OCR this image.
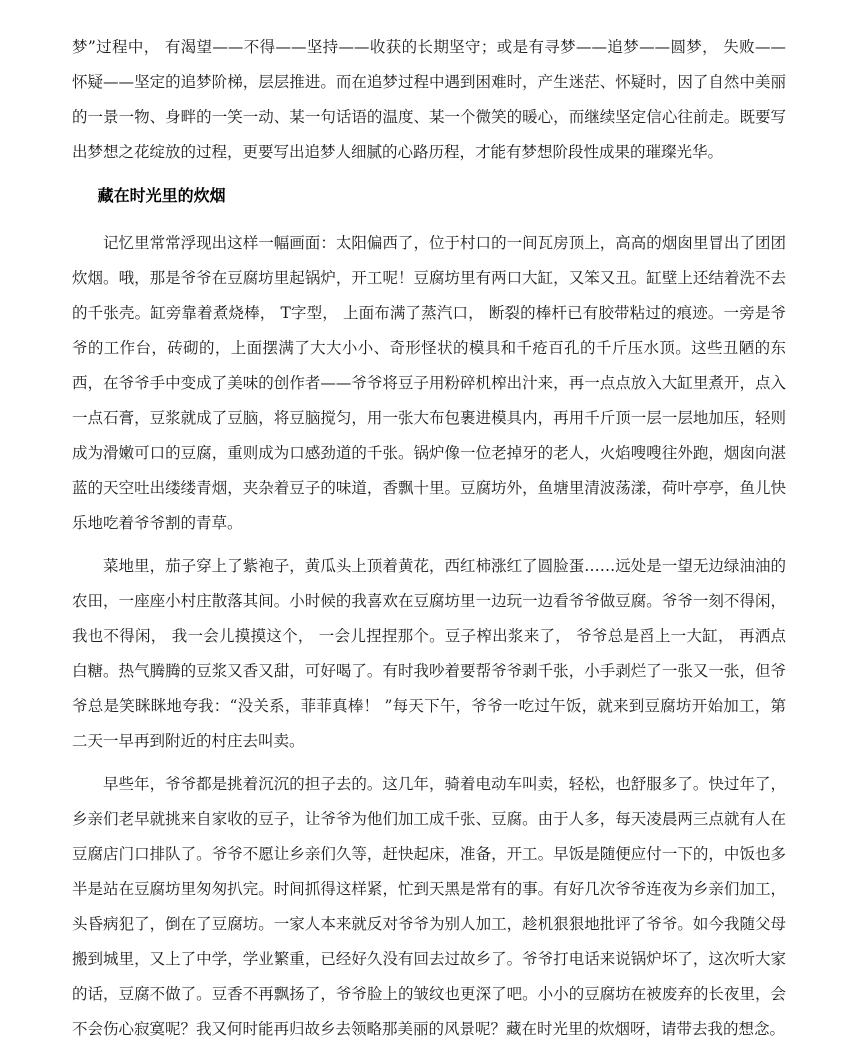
梦”过程中， 有渴望——不得——坚持——收获的长期坚守；或是有寻梦——追梦——圆梦， 失败——怀疑——坚定的追梦阶梯，层层推进。而在追梦过程中遇到困难时，产生迷茫、怀疑时，因了自然中美丽的一景一物、身畔的一笑一动、某一句话语的温度、某一个微笑的暖心，而继续坚定信心往前走。既要写出梦想之花绽放的过程，更要写出追梦人细腻的心路历程，才能有梦想阶段性成果的璀璨光华。

藏在时光里的炊烟

记忆里常常浮现出这样一幅画面：太阳偏西了，位于村口的一间瓦房顶上，高高的烟囱里冒出了团团炊烟。哦，那是爷爷在豆腐坊里起锅炉，开工呢！豆腐坊里有两口大缸，又笨又丑。缸壁上还结着洗不去的千张壳。缸旁靠着煮烧棒， T字型， 上面布满了蒸汽口， 断裂的棒杆已有胶带粘过的痕迹。一旁是爷爷的工作台，砖砌的，上面摆满了大大小小、奇形怪状的模具和千疮百孔的千斤压水顶。这些丑陋的东西，在爷爷手中变成了美味的创作者——爷爷将豆子用粉碎机榨出汁来，再一点点放入大缸里煮开，点入一点石膏，豆浆就成了豆脑，将豆脑搅匀，用一张大布包裹进模具内，再用千斤顶一层一层地加压，轻则成为滑嫩可口的豆腐，重则成为口感劲道的千张。锅炉像一位老掉牙的老人，火焰嗖嗖往外跑，烟囱向湛蓝的天空吐出缕缕青烟，夹杂着豆子的味道，香飘十里。豆腐坊外，鱼塘里清波荡漾，荷叶亭亭，鱼儿快乐地吃着爷爷割的青草。

菜地里，茄子穿上了紫袍子，黄瓜头上顶着黄花，西红柿涨红了圆脸蛋……远处是一望无边绿油油的农田，一座座小村庄散落其间。小时候的我喜欢在豆腐坊里一边玩一边看爷爷做豆腐。爷爷一刻不得闲，我也不得闲， 我一会儿摸摸这个， 一会儿捏捏那个。豆子榨出浆来了， 爷爷总是舀上一大缸， 再洒点白糖。热气腾腾的豆浆又香又甜，可好喝了。有时我吵着要帮爷爷剥千张，小手剥烂了一张又一张，但爷爷总是笑眯眯地夸我：“没关系，菲菲真棒！ ”每天下午，爷爷一吃过午饭，就来到豆腐坊开始加工，第二天一早再到附近的村庄去叫卖。

早些年，爷爷都是挑着沉沉的担子去的。这几年，骑着电动车叫卖，轻松，也舒服多了。快过年了，乡亲们老早就挑来自家收的豆子，让爷爷为他们加工成千张、豆腐。由于人多，每天凌晨两三点就有人在豆腐店门口排队了。爷爷不愿让乡亲们久等，赶快起床，准备，开工。早饭是随便应付一下的，中饭也多半是站在豆腐坊里匆匆扒完。时间抓得这样紧，忙到天黑是常有的事。有好几次爷爷连夜为乡亲们加工，头昏病犯了，倒在了豆腐坊。一家人本来就反对爷爷为别人加工，趁机狠狠地批评了爷爷。如今我随父母搬到城里，又上了中学，学业繁重，已经好久没有回去过故乡了。爷爷打电话来说锅炉坏了，这次听大家的话，豆腐不做了。豆香不再飘扬了，爷爷脸上的皱纹也更深了吧。小小的豆腐坊在被废弃的长夜里，会不会伤心寂寞呢？我又何时能再归故乡去领略那美丽的风景呢？藏在时光里的炊烟呀，请带去我的想念。
